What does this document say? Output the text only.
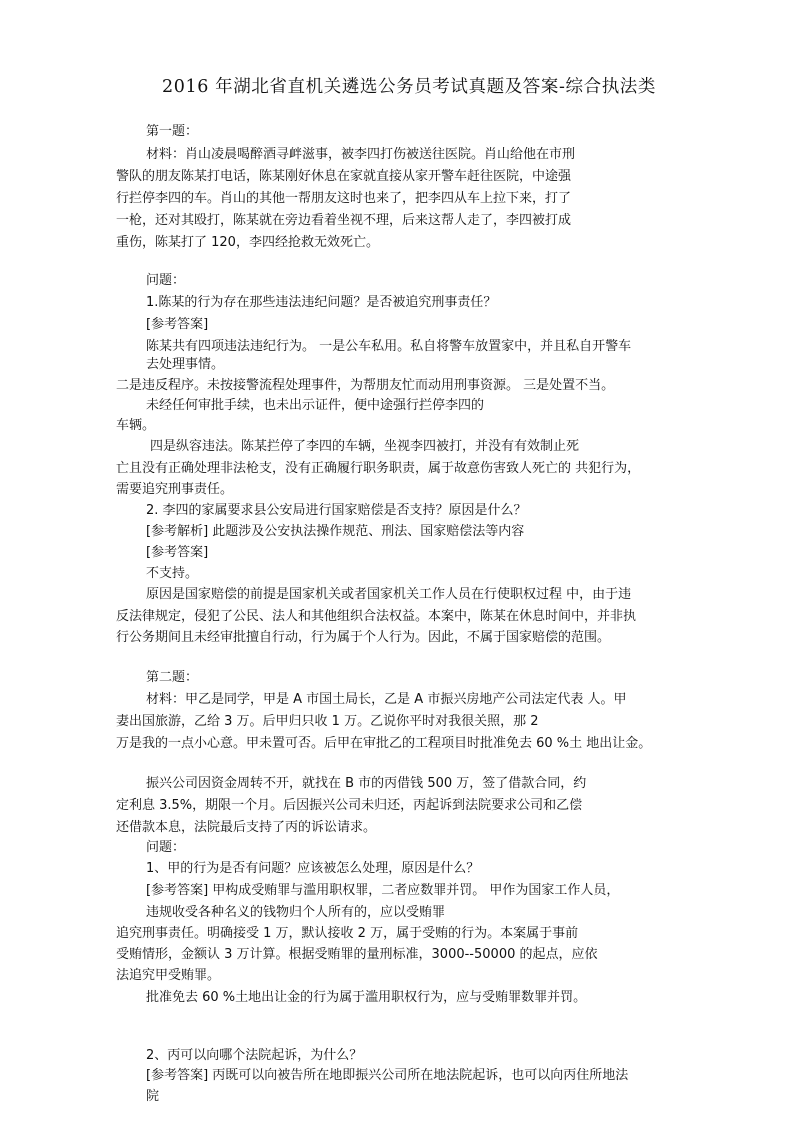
2016 年湖北省直机关遴选公务员考试真题及答案-综合执法类
第一题：
材料：肖山凌晨喝醉酒寻衅滋事，被李四打伤被送往医院。肖山给他在市刑
警队的朋友陈某打电话，陈某刚好休息在家就直接从家开警车赶往医院，中途强
行拦停李四的车。肖山的其他一帮朋友这时也来了，把李四从车上拉下来，打了
一枪，还对其殴打，陈某就在旁边看着坐视不理，后来这帮人走了，李四被打成
重伤，陈某打了 120，李四经抢救无效死亡。
问题：
1.陈某的行为存在那些违法违纪问题？是否被追究刑事责任？
[参考答案]
陈某共有四项违法违纪行为。 一是公车私用。私自将警车放置家中，并且私自开警车
去处理事情。
二是违反程序。未按接警流程处理事件，为帮朋友忙而动用刑事资源。 三是处置不当。
未经任何审批手续，也未出示证件，便中途强行拦停李四的
车辆。
四是纵容违法。陈某拦停了李四的车辆，坐视李四被打，并没有有效制止死
亡且没有正确处理非法枪支，没有正确履行职务职责，属于故意伤害致人死亡的 共犯行为，
需要追究刑事责任。
2. 李四的家属要求县公安局进行国家赔偿是否支持？原因是什么？
[参考解析] 此题涉及公安执法操作规范、刑法、国家赔偿法等内容
[参考答案]
不支持。
原因是国家赔偿的前提是国家机关或者国家机关工作人员在行使职权过程 中，由于违
反法律规定，侵犯了公民、法人和其他组织合法权益。本案中，陈某在休息时间中，并非执
行公务期间且未经审批擅自行动，行为属于个人行为。因此，不属于国家赔偿的范围。
第二题：
材料：甲乙是同学，甲是 A 市国土局长，乙是 A 市振兴房地产公司法定代表 人。甲
妻出国旅游，乙给 3 万。后甲归只收 1 万。乙说你平时对我很关照，那 2
万是我的一点小心意。甲未置可否。后甲在审批乙的工程项目时批准免去 60 %土 地出让金。
振兴公司因资金周转不开，就找在 B 市的丙借钱 500 万，签了借款合同，约
定利息 3.5%，期限一个月。后因振兴公司未归还，丙起诉到法院要求公司和乙偿
还借款本息，法院最后支持了丙的诉讼请求。
问题：
1、甲的行为是否有问题？应该被怎么处理，原因是什么？
[参考答案] 甲构成受贿罪与滥用职权罪，二者应数罪并罚。 甲作为国家工作人员，
违规收受各种名义的钱物归个人所有的，应以受贿罪
追究刑事责任。明确接受 1 万，默认接收 2 万，属于受贿的行为。本案属于事前
受贿情形，金额认 3 万计算。根据受贿罪的量刑标准，3000--50000 的起点，应依
法追究甲受贿罪。
批准免去 60 %土地出让金的行为属于滥用职权行为，应与受贿罪数罪并罚。
2、丙可以向哪个法院起诉，为什么？
[参考答案] 丙既可以向被告所在地即振兴公司所在地法院起诉，也可以向丙住所地法
院
